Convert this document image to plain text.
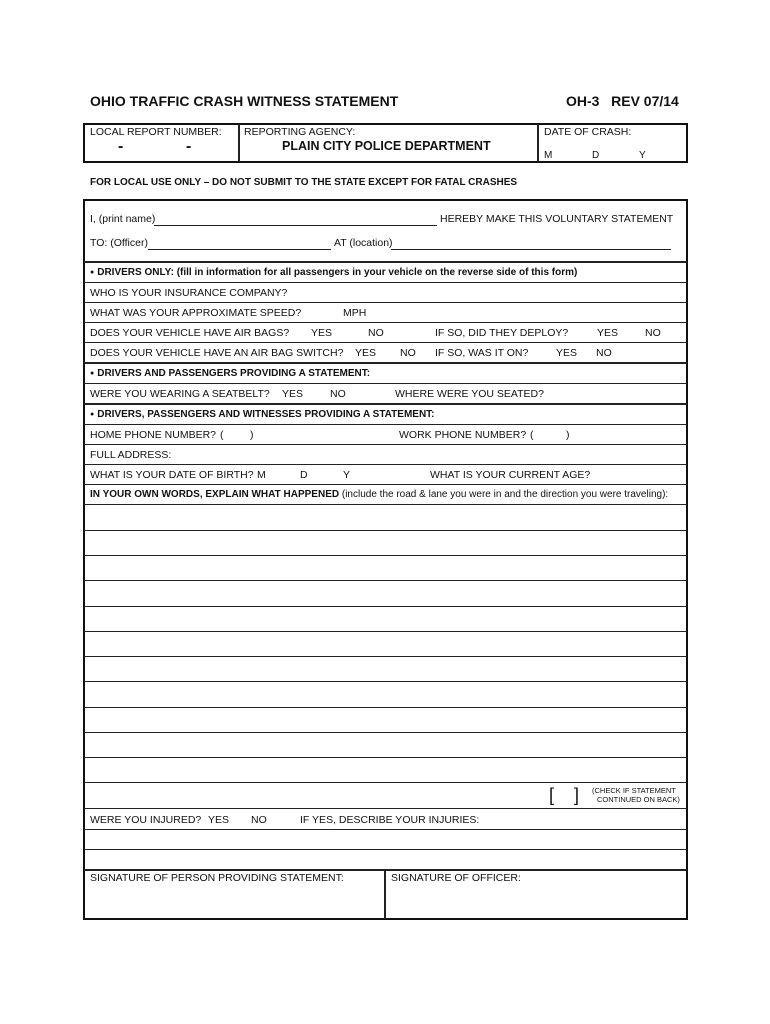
OHIO TRAFFIC CRASH WITNESS STATEMENT	OH-3   REV 07/14
LOCAL REPORT NUMBER:
-	-
REPORTING AGENCY:
PLAIN CITY POLICE DEPARTMENT
DATE OF CRASH:
M	D	Y
FOR LOCAL USE ONLY – DO NOT SUBMIT TO THE STATE EXCEPT FOR FATAL CRASHES
I, (print name)	HEREBY MAKE THIS VOLUNTARY STATEMENT
TO: (Officer)	AT (location)
● DRIVERS ONLY: (fill in information for all passengers in your vehicle on the reverse side of this form)
WHO IS YOUR INSURANCE COMPANY?
WHAT WAS YOUR APPROXIMATE SPEED?	MPH
DOES YOUR VEHICLE HAVE AIR BAGS? YES	NO	IF SO, DID THEY DEPLOY?	YES	NO
DOES YOUR VEHICLE HAVE AN AIR BAG SWITCH? YES NO IF SO, WAS IT ON?	YES NO
● DRIVERS AND PASSENGERS PROVIDING A STATEMENT:
WERE YOU WEARING A SEATBELT? YES	NO	WHERE WERE YOU SEATED?
● DRIVERS, PASSENGERS AND WITNESSES PROVIDING A STATEMENT:
HOME PHONE NUMBER? (	)	WORK PHONE NUMBER? (	)
FULL ADDRESS:
WHAT IS YOUR DATE OF BIRTH? M	D	Y	WHAT IS YOUR CURRENT AGE?
IN YOUR OWN WORDS, EXPLAIN WHAT HAPPENED (include the road & lane you were in and the direction you were traveling):
[    ] (CHECK IF STATEMENT
CONTINUED ON BACK)
WERE YOU INJURED? YES NO	IF YES, DESCRIBE YOUR INJURIES:
SIGNATURE OF PERSON PROVIDING STATEMENT:	SIGNATURE OF OFFICER:
